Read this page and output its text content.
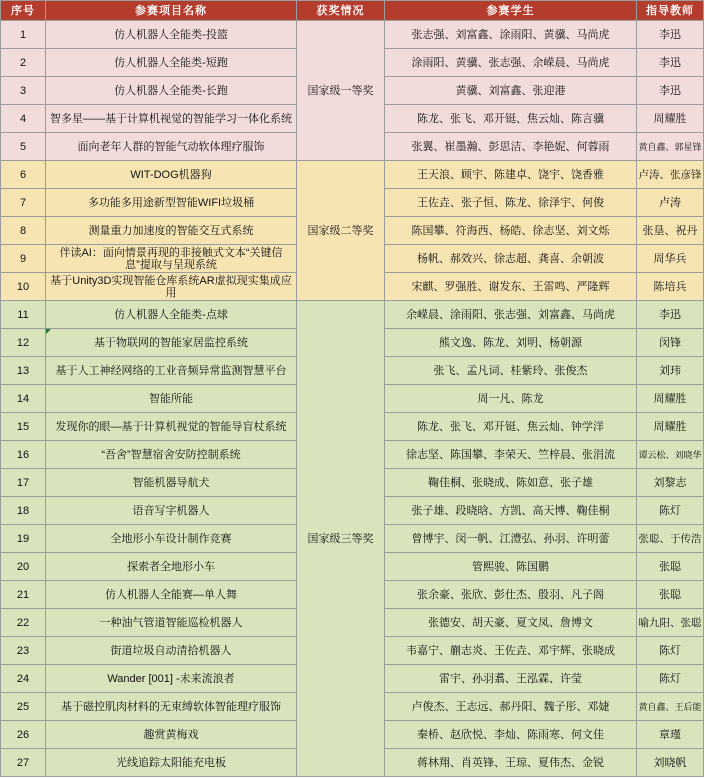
序号	参赛项目名称	获奖情况	参赛学生	指导教师
1	仿人机器人全能类-投篮	张志强、刘富鑫、涂雨阳、黄骥、马尚虎	李迅
2	仿人机器人全能类-短跑	涂雨阳、黄骥、张志强、余嵘晨、马尚虎	李迅
3	仿人机器人全能类-长跑	黄骥、刘富鑫、张迎港	李迅
4 智多星——基于计算机视觉的智能学习一体化系统	陈龙、张飞、邓开铤、焦云灿、陈言骥	周耀胜
5	面向老年人群的智能气动软体理疗服饰	张翼、崔墨瀚、彭思洁、李艳妮、何蓉雨	黄自鑫、郭星锋
国家级一等奖
6	WIT-DOG机器狗	王天浪、顾宇、陈建卓、饶宇、饶香雅	卢涛、张彦锋
7	多功能多用途新型智能WIFI垃圾桶	王佐垚、张子恒、陈龙、徐泽宇、何俊	卢涛
8	测量重力加速度的智能交互式系统	陈国攀、符海西、杨皓、徐志坚、刘文烁	张垦、祝丹
9	伴读AI：面向情景再现的非接触式文本“关键信息”提取与呈现系统	杨帆、郝效兴、徐志超、龚喜、余朝波	周华兵
10 基于Unity3D实现智能仓库系统AR虚拟现实集成应用	宋麒、罗强胜、谢发东、王雷鸣、严隆辉	陈培兵
国家级二等奖
11	仿人机器人全能类-点球	余嵘晨、涂雨阳、张志强、刘富鑫、马尚虎	李迅
12	基于物联网的智能家居监控系统	熊文逸、陈龙、刘明、杨朝源	闵锋
13	基于人工神经网络的工业音频异常监测智慧平台	张飞、孟凡词、桂紫玲、张俊杰	刘玮
14	智能所能	周一凡、陈龙	周耀胜
15	发现你的眼—基于计算机视觉的智能导盲杖系统	陈龙、张飞、邓开铤、焦云灿、钟学洋	周耀胜
16	“吾舍”智慧宿舍安防控制系统	徐志坚、陈国攀、李荣天、竺梓晨、张涓流	谭云松、刘晓华
17	智能机器导航犬	鞠佳桐、张晓成、陈如意、张子雄	刘黎志
18	语音写字机器人	张子雄、段晓晗、方凯、高天博、鞠佳桐	陈灯
19	全地形小车设计制作竞赛	曾博宇、闵一帆、江澧弘、孙羽、许明蕾	张聪、于传浩
20	探索者全地形小车	管熙骏、陈国鹏	张聪
21	仿人机器人全能赛—单人舞	张余豪、张欣、彭仕杰、殷羽、凡子阁	张聪
22	一种油气管道智能巡检机器人	张德安、胡天豪、夏文凤、詹博文	喻九阳、张聪
23	街道垃圾自动清拾机器人	韦嘉宁、蒯志炎、王佐垚、邓宇辉、张晓成	陈灯
24	Wander [001] -未来流浪者	雷宇、孙羽翥、王泓霖、许莹	陈灯
25	基于磁控肌肉材料的无束缚软体智能理疗服饰	卢俊杰、王志远、郝丹阳、魏子彤、邓婕	黄自鑫、王后能
26	趣赏黄梅戏	秦桥、赵欣悦、李灿、陈雨寒、何文佳	章瑾
27	光线追踪太阳能充电板	蒋林翔、肖英锋、王琼、夏伟杰、金锐	刘晓帆
国家级三等奖
